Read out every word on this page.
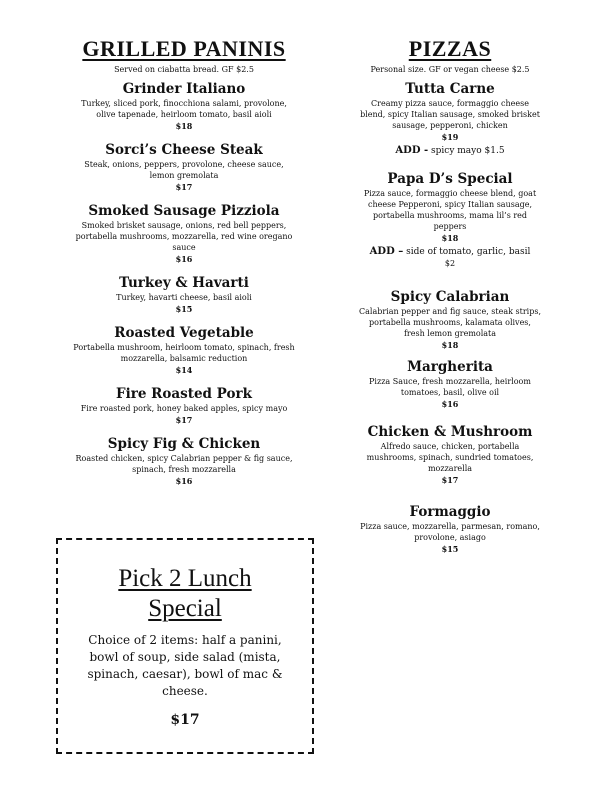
GRILLED PANINIS
Served on ciabatta bread. GF $2.5
Grinder Italiano
Turkey, sliced pork, finocchiona salami, provolone, olive tapenade, heirloom tomato, basil aioli
$18
Sorci’s Cheese Steak
Steak, onions, peppers, provolone, cheese sauce, lemon gremolata
$17
Smoked Sausage Pizziola
Smoked brisket sausage, onions, red bell peppers, portabella mushrooms, mozzarella, red wine oregano sauce
$16
Turkey & Havarti
Turkey, havarti cheese, basil aioli
$15
Roasted Vegetable
Portabella mushroom, heirloom tomato, spinach, fresh mozzarella, balsamic reduction
$14
Fire Roasted Pork
Fire roasted pork, honey baked apples, spicy mayo
$17
Spicy Fig & Chicken
Roasted chicken, spicy Calabrian pepper & fig sauce, spinach, fresh mozzarella
$16
PIZZAS
Personal size. GF or vegan cheese $2.5
Tutta Carne
Creamy pizza sauce, formaggio cheese blend, spicy Italian sausage, smoked brisket sausage, pepperoni, chicken
$19
ADD - spicy mayo $1.5
Papa D’s Special
Pizza sauce, formaggio cheese blend, goat cheese Pepperoni, spicy Italian sausage, portabella mushrooms, mama lil’s red peppers
$18
ADD – side of tomato, garlic, basil
$2
Spicy Calabrian
Calabrian pepper and fig sauce, steak strips, portabella mushrooms, kalamata olives, fresh lemon gremolata
$18
Margherita
Pizza Sauce, fresh mozzarella, heirloom tomatoes, basil, olive oil
$16
Chicken & Mushroom
Alfredo sauce, chicken, portabella mushrooms, spinach, sundried tomatoes, mozzarella
$17
Formaggio
Pizza sauce, mozzarella, parmesan, romano, provolone, asiago
$15
Pick 2 Lunch
Special
Choice of 2 items: half a panini, bowl of soup, side salad (mista, spinach, caesar), bowl of mac & cheese.
$17
